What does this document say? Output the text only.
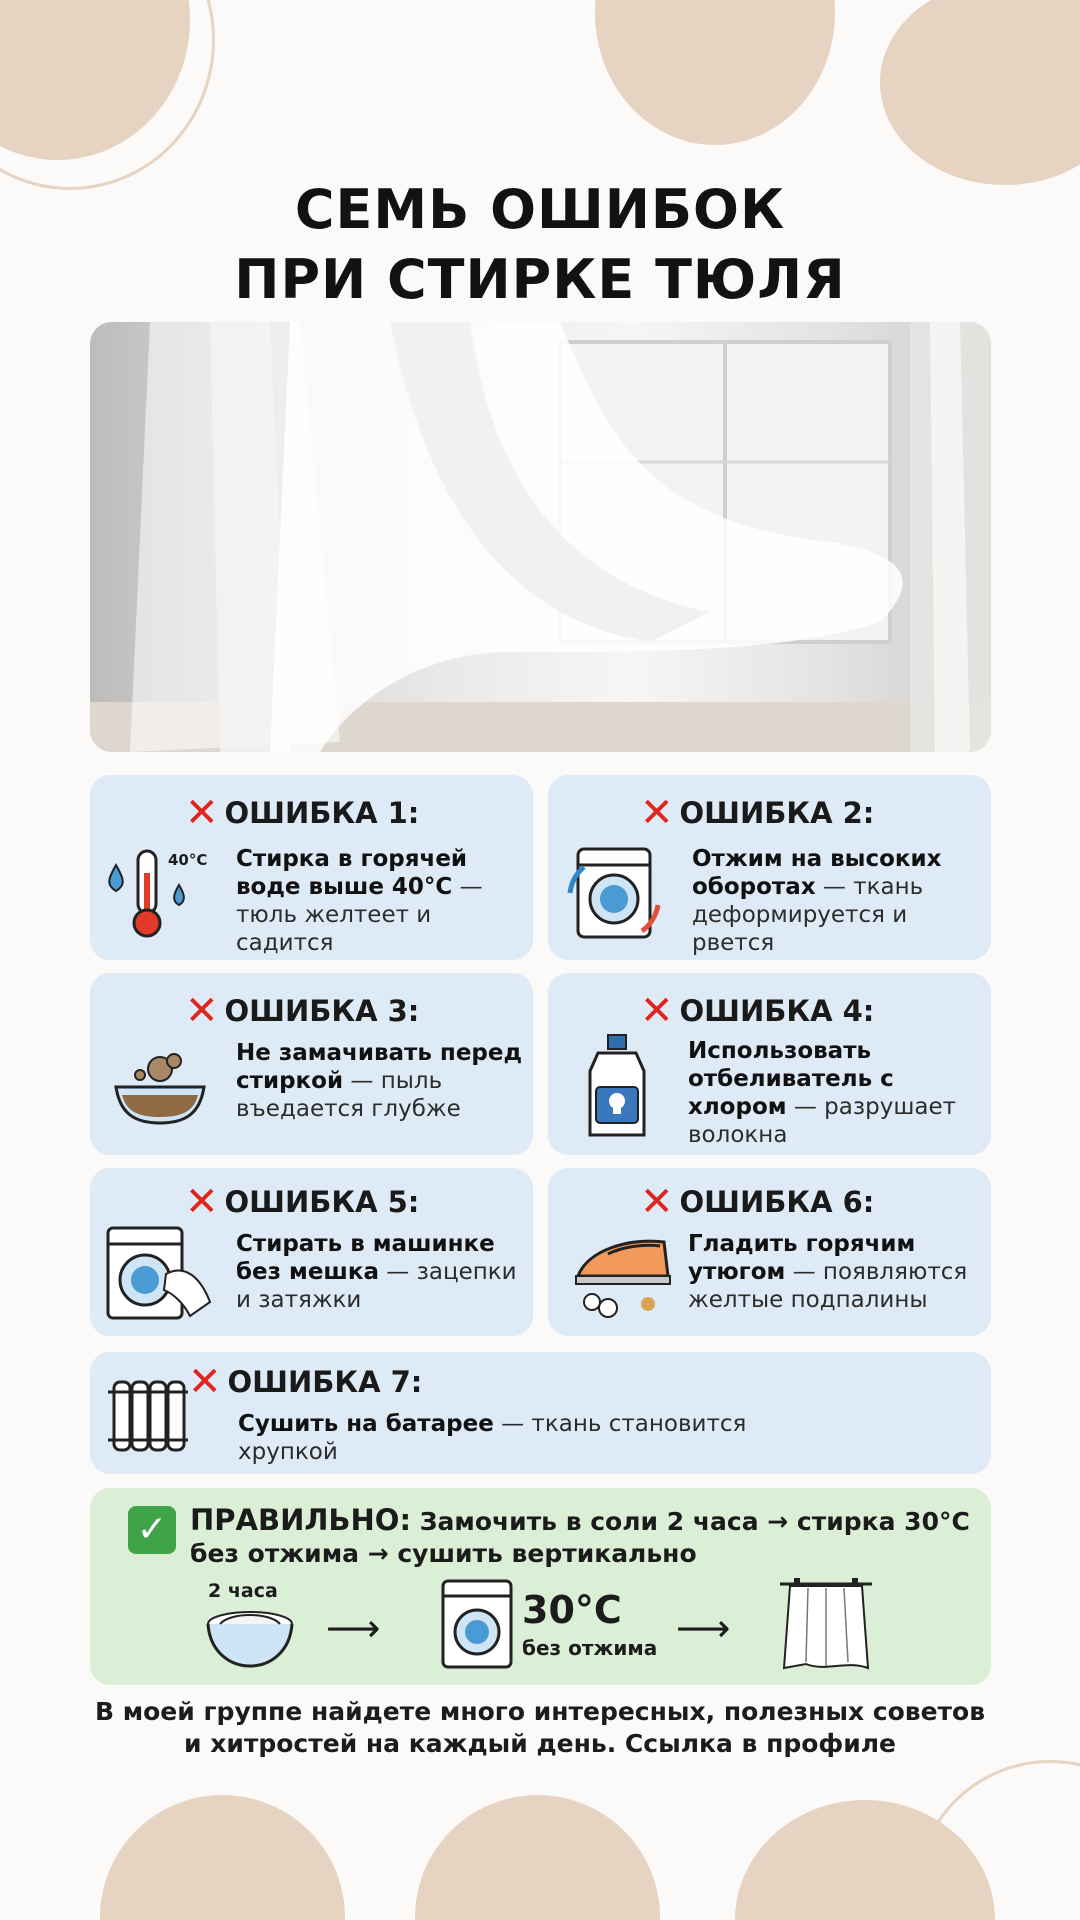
СЕМЬ ОШИБОК
ПРИ СТИРКЕ ТЮЛЯ
✕ ОШИБКА 1:
40°С Стирка в горячей воде выше 40°С — тюль желтеет и садится
✕ ОШИБКА 2:
Отжим на высоких оборотах — ткань деформируется и рвется
✕ ОШИБКА 3:
Не замачивать перед стиркой — пыль въедается глубже
✕ ОШИБКА 4:
Использовать отбеливатель с хлором — разрушает волокна
✕ ОШИБКА 5:
Стирать в машинке без мешка — зацепки и затяжки
✕ ОШИБКА 6:
Гладить горячим утюгом — появляются желтые подпалины
✕ ОШИБКА 7:
Сушить на батарее — ткань становится хрупкой

✓ ПРАВИЛЬНО: Замочить в соли 2 часа → стирка 30°С
без отжима → сушить вертикально
2 часа
⟶	30°С
без отжима ⟶
В моей группе найдете много интересных, полезных советов
и хитростей на каждый день. Ссылка в профиле
